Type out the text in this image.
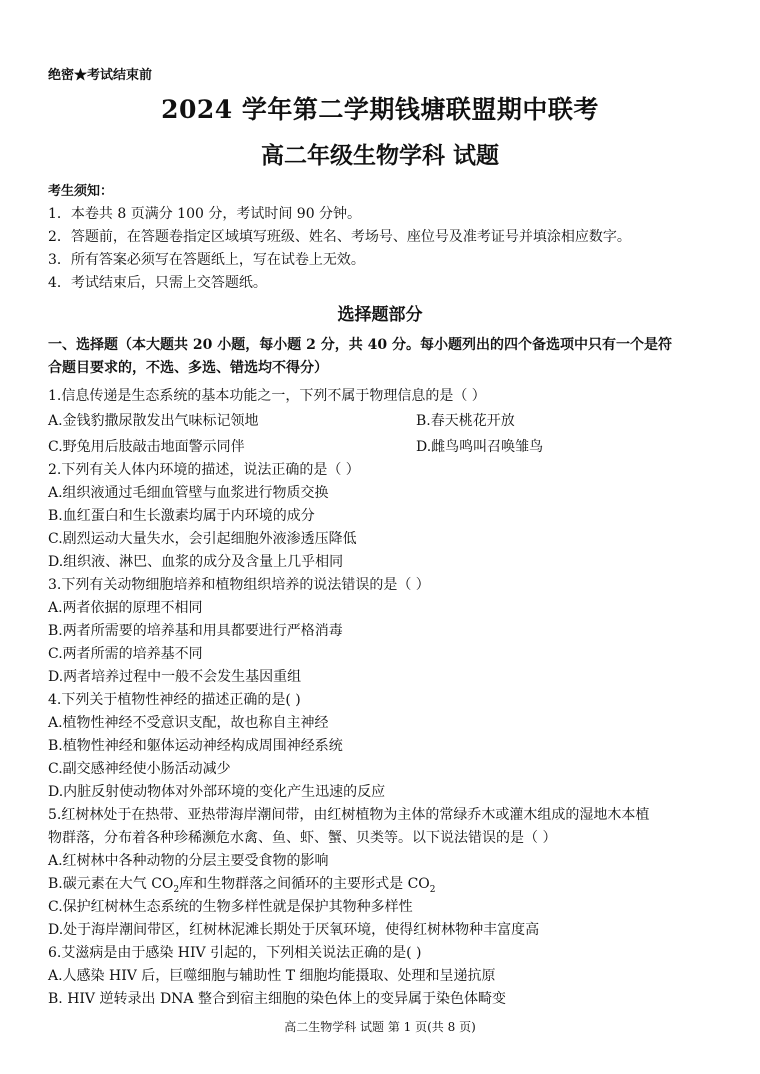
绝密★考试结束前
2024 学年第二学期钱塘联盟期中联考
高二年级生物学科 试题
考生须知：
1．本卷共 8 页满分 100 分，考试时间 90 分钟。
2．答题前，在答题卷指定区域填写班级、姓名、考场号、座位号及准考证号并填涂相应数字。
3．所有答案必须写在答题纸上，写在试卷上无效。
4．考试结束后，只需上交答题纸。
选择题部分
一、选择题（本大题共 20 小题，每小题 2 分，共 40 分。每小题列出的四个备选项中只有一个是符
合题目要求的，不选、多选、错选均不得分）
1.信息传递是生态系统的基本功能之一，下列不属于物理信息的是（ ）
A.金钱豹撒尿散发出气味标记领地	B.春天桃花开放
C.野兔用后肢敲击地面警示同伴	D.雌鸟鸣叫召唤雏鸟
2.下列有关人体内环境的描述，说法正确的是（ ）
A.组织液通过毛细血管壁与血浆进行物质交换
B.血红蛋白和生长激素均属于内环境的成分
C.剧烈运动大量失水，会引起细胞外液渗透压降低
D.组织液、淋巴、血浆的成分及含量上几乎相同
3.下列有关动物细胞培养和植物组织培养的说法错误的是（ ）
A.两者依据的原理不相同
B.两者所需要的培养基和用具都要进行严格消毒
C.两者所需的培养基不同
D.两者培养过程中一般不会发生基因重组
4.下列关于植物性神经的描述正确的是( )
A.植物性神经不受意识支配，故也称自主神经
B.植物性神经和躯体运动神经构成周围神经系统
C.副交感神经使小肠活动减少
D.内脏反射使动物体对外部环境的变化产生迅速的反应
5.红树林处于在热带、亚热带海岸潮间带，由红树植物为主体的常绿乔木或灌木组成的湿地木本植
物群落，分布着各种珍稀濒危水禽、鱼、虾、蟹、贝类等。以下说法错误的是（ ）
A.红树林中各种动物的分层主要受食物的影响
B.碳元素在大气 $CO_2$库和生物群落之间循环的主要形式是 $CO_2$
C.保护红树林生态系统的生物多样性就是保护其物种多样性
D.处于海岸潮间带区，红树林泥滩长期处于厌氧环境，使得红树林物种丰富度高
6.艾滋病是由于感染 HIV 引起的，下列相关说法正确的是( )
A.人感染 HIV 后，巨噬细胞与辅助性 T 细胞均能摄取、处理和呈递抗原
B. HIV 逆转录出 DNA 整合到宿主细胞的染色体上的变异属于染色体畸变
高二生物学科 试题 第 1 页(共 8 页)
